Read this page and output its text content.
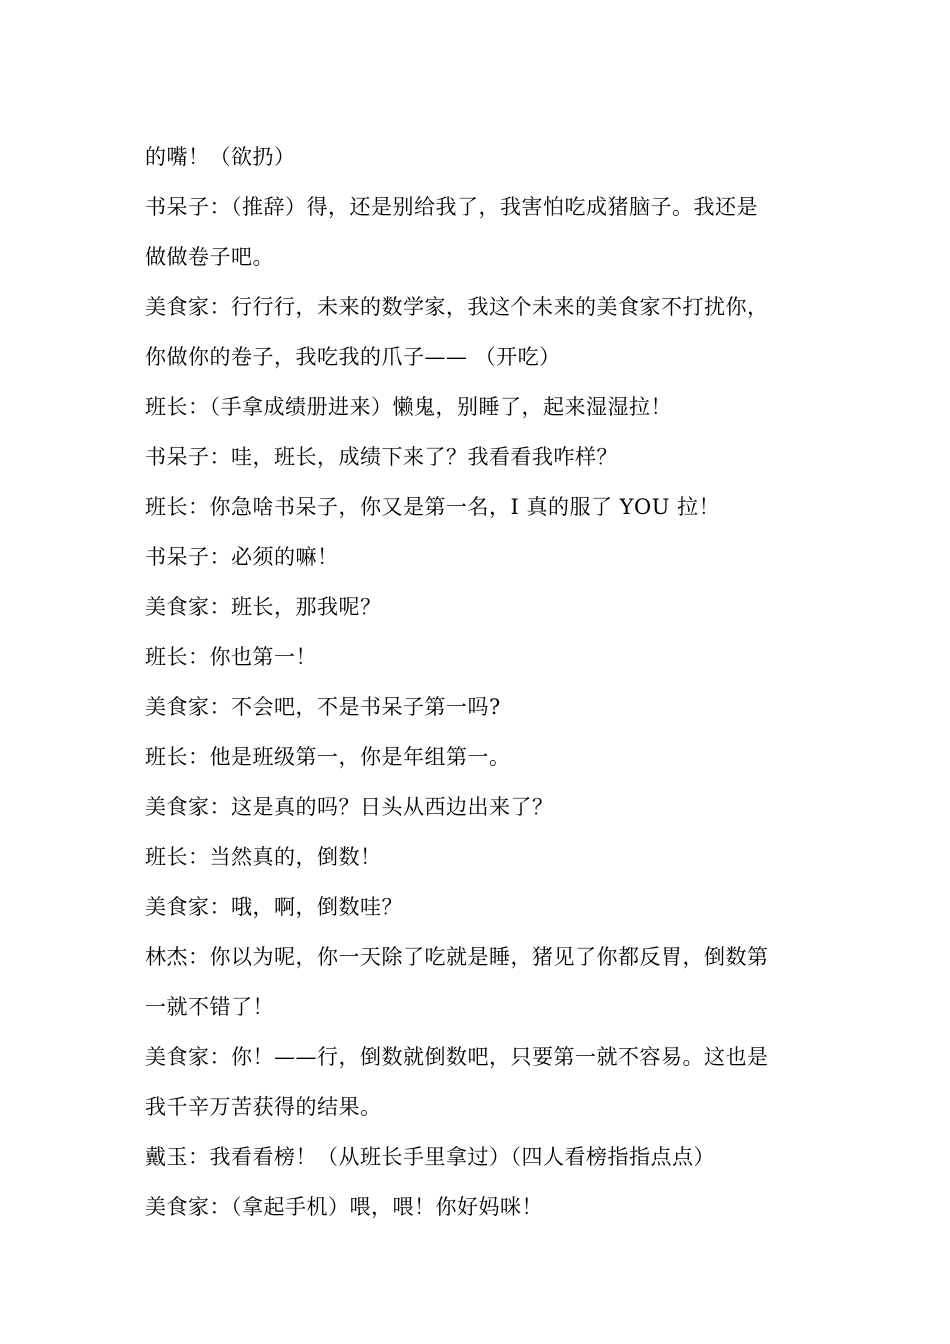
的嘴！（欲扔）
书呆子：（推辞）得，还是别给我了，我害怕吃成猪脑子。我还是
做做卷子吧。
美食家：行行行，未来的数学家，我这个未来的美食家不打扰你，
你做你的卷子，我吃我的爪子—— （开吃）
班长：（手拿成绩册进来）懒鬼，别睡了，起来湿湿拉！
书呆子：哇，班长，成绩下来了？我看看我咋样？
班长：你急啥书呆子，你又是第一名，I 真的服了 YOU 拉！
书呆子：必须的嘛！
美食家：班长，那我呢？
班长：你也第一！
美食家：不会吧，不是书呆子第一吗?
班长：他是班级第一，你是年组第一。
美食家：这是真的吗？日头从西边出来了？
班长：当然真的，倒数！
美食家：哦，啊，倒数哇？
林杰：你以为呢，你一天除了吃就是睡，猪见了你都反胃，倒数第
一就不错了！
美食家：你！——行，倒数就倒数吧，只要第一就不容易。这也是
我千辛万苦获得的结果。
戴玉：我看看榜！（从班长手里拿过）（四人看榜指指点点）
美食家：（拿起手机）喂，喂！你好妈咪！
